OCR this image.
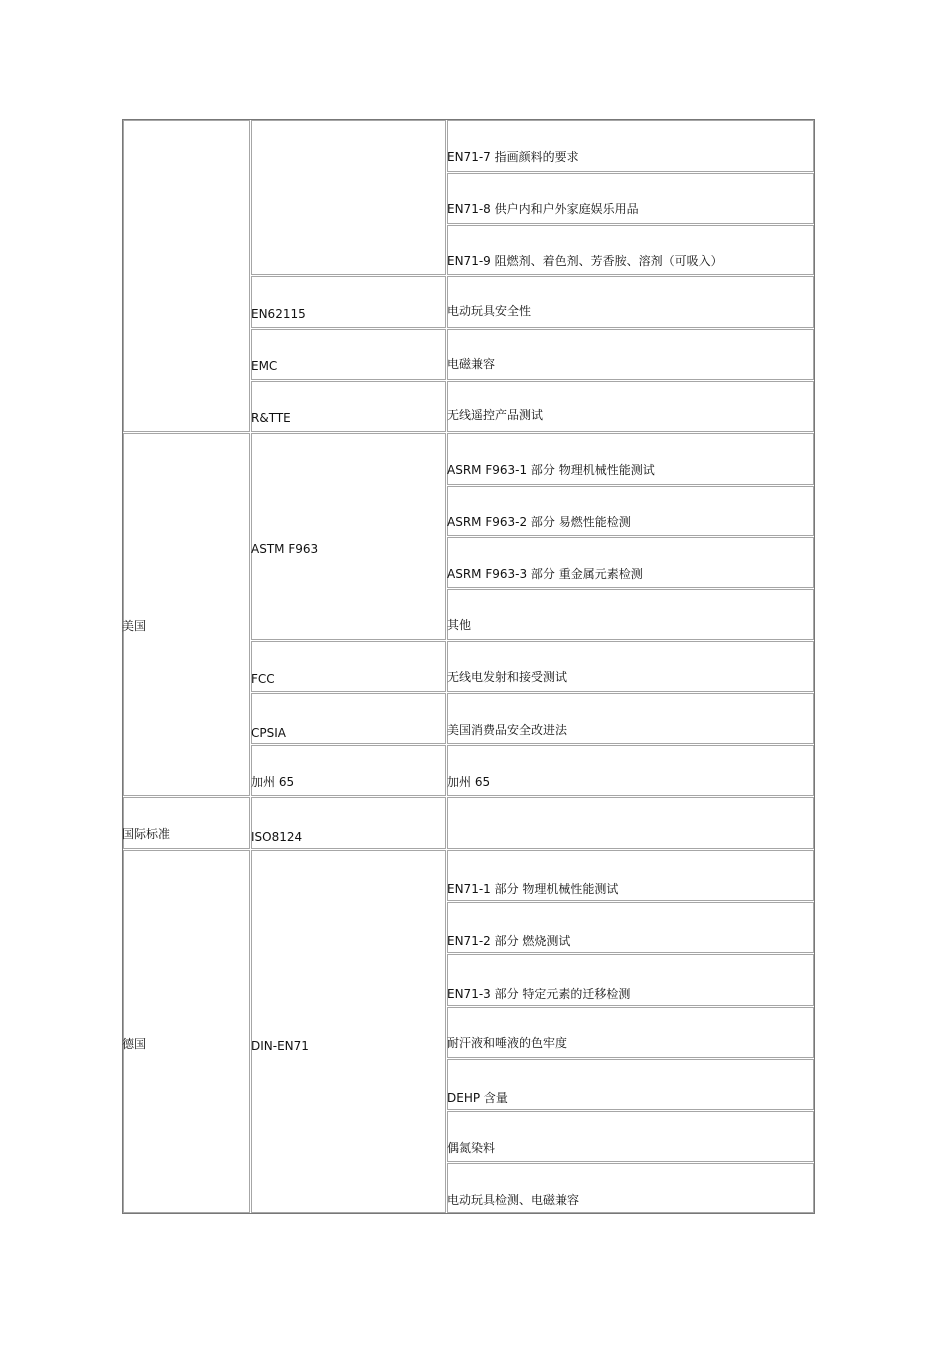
美国
国际标准
德国
EN62115
EMC
R&TTE
ASTM F963
FCC
CPSIA
加州 65
ISO8124
DIN-EN71
EN71-7 指画颜料的要求
EN71-8 供户内和户外家庭娱乐用品
EN71-9 阻燃剂、着色剂、芳香胺、溶剂（可吸入）
电动玩具安全性
电磁兼容
无线遥控产品测试
ASRM F963-1 部分 物理机械性能测试
ASRM F963-2 部分 易燃性能检测
ASRM F963-3 部分 重金属元素检测
其他
无线电发射和接受测试
美国消费品安全改进法
加州 65
EN71-1 部分 物理机械性能测试
EN71-2 部分 燃烧测试
EN71-3 部分 特定元素的迁移检测
耐汗液和唾液的色牢度
DEHP 含量
偶氮染料
电动玩具检测、电磁兼容
